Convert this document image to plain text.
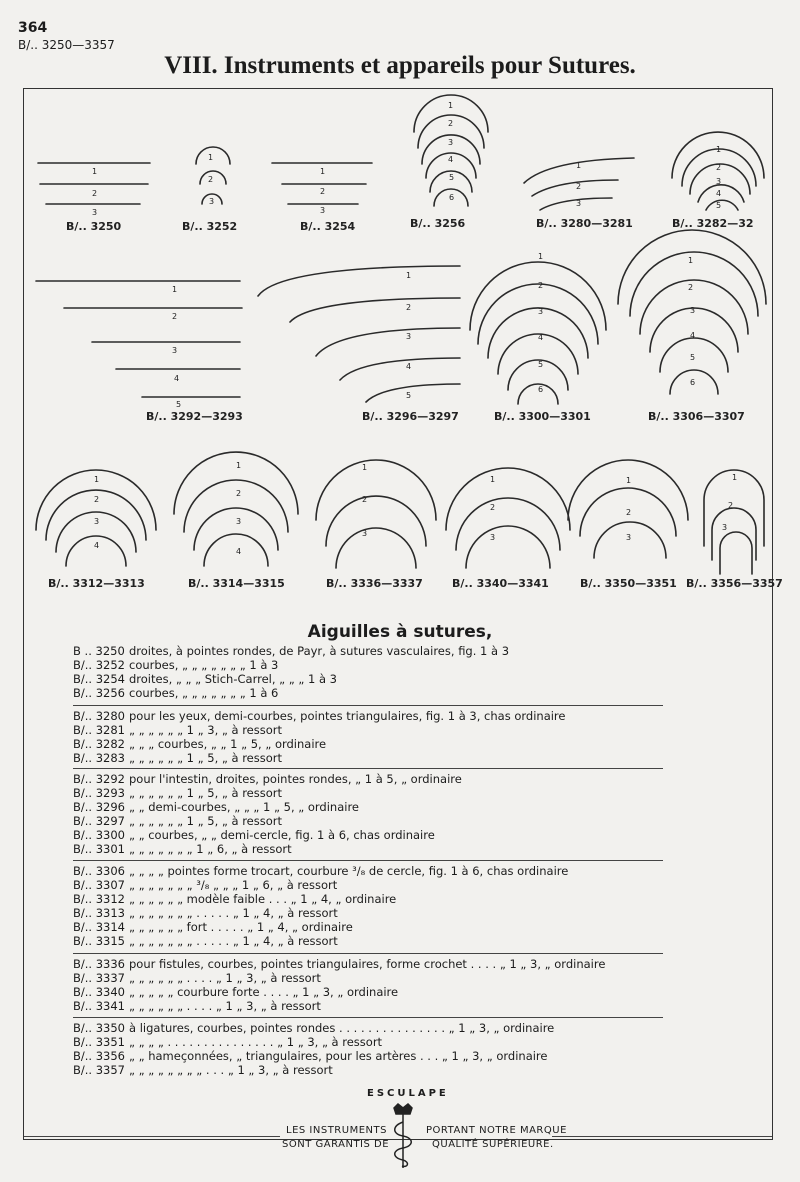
364
B/.. 3250—3357
VIII. Instruments et appareils pour Sutures.
B/.. 3250	B/.. 3252	B/.. 3254	B/.. 3256	B/.. 3280—3281	B/.. 3282—32
B/.. 3292—3293	B/.. 3296—3297	B/.. 3300—3301	B/.. 3306—3307
B/.. 3312—3313	B/.. 3314—3315	B/.. 3336—3337	B/.. 3340—3341	B/.. 3350—3351 B/.. 3356—3357
1
2
3
1
2
3
1
2
3
1
2
3
4
5
6
1
2
3
1
2
3
4
5
1
2
3
4
5
1
2
3
4
5
1
2
3
4
5
6
1
2
3
4
5
6
1
2
3
4
1
2
3
4
1
2
3
1
2
3
1
2
3
1
2
3
Aiguilles à sutures,
B .. 3250	droites, à pointes rondes, de Payr, à sutures vasculaires, fig. 1 à 3
B/.. 3252	courbes, „ „ „ „ „ „ „ 1 à 3
B/.. 3254	droites, „ „ „ Stich-Carrel, „ „ „ 1 à 3
B/.. 3256	courbes, „ „ „ „ „ „ „ 1 à 6
B/.. 3280	pour les yeux, demi-courbes, pointes triangulaires, fig. 1 à 3, chas ordinaire
B/.. 3281	„ „ „ „ „ „ 1 „ 3, „ à ressort
B/.. 3282	„ „ „ courbes, „ „ 1 „ 5, „ ordinaire
B/.. 3283	„ „ „ „ „ „ 1 „ 5, „ à ressort
B/.. 3292	pour l'intestin, droites, pointes rondes, „ 1 à 5, „ ordinaire
B/.. 3293	„ „ „ „ „ „ 1 „ 5, „ à ressort
B/.. 3296	„ „ demi-courbes, „ „ „ 1 „ 5, „ ordinaire
B/.. 3297	„ „ „ „ „ „ 1 „ 5, „ à ressort
B/.. 3300	„ „ courbes, „ „ demi-cercle, fig. 1 à 6, chas ordinaire
B/.. 3301	„ „ „ „ „ „ „ 1 „ 6, „ à ressort
B/.. 3306	„ „ „ „ pointes forme trocart, courbure ³/₈ de cercle, fig. 1 à 6, chas ordinaire
B/.. 3307	„ „ „ „ „ „ „ ³/₈ „ „ „ 1 „ 6, „ à ressort
B/.. 3312	„ „ „ „ „ „ modèle faible . . . „ 1 „ 4, „ ordinaire
B/.. 3313	„ „ „ „ „ „ „ . . . . . „ 1 „ 4, „ à ressort
B/.. 3314	„ „ „ „ „ „ fort . . . . . „ 1 „ 4, „ ordinaire
B/.. 3315	„ „ „ „ „ „ „ . . . . . „ 1 „ 4, „ à ressort
B/.. 3336	pour fistules, courbes, pointes triangulaires, forme crochet . . . . „ 1 „ 3, „ ordinaire
B/.. 3337	„ „ „ „ „ „ . . . . „ 1 „ 3, „ à ressort
B/.. 3340	„ „ „ „ „ courbure forte . . . . „ 1 „ 3, „ ordinaire
B/.. 3341	„ „ „ „ „ „ . . . . „ 1 „ 3, „ à ressort
B/.. 3350	à ligatures, courbes, pointes rondes . . . . . . . . . . . . . . . „ 1 „ 3, „ ordinaire
B/.. 3351	„ „ „ „ . . . . . . . . . . . . . . . „ 1 „ 3, „ à ressort
B/.. 3356	„ „ hameçonnées, „ triangulaires, pour les artères . . . „ 1 „ 3, „ ordinaire
B/.. 3357	„ „ „ „ „ „ „ „ . . . „ 1 „ 3, „ à ressort
ESCULAPE
LES INSTRUMENTS
SONT GARANTIS DE
PORTANT NOTRE MARQUE
QUALITÉ SUPÉRIEURE.
